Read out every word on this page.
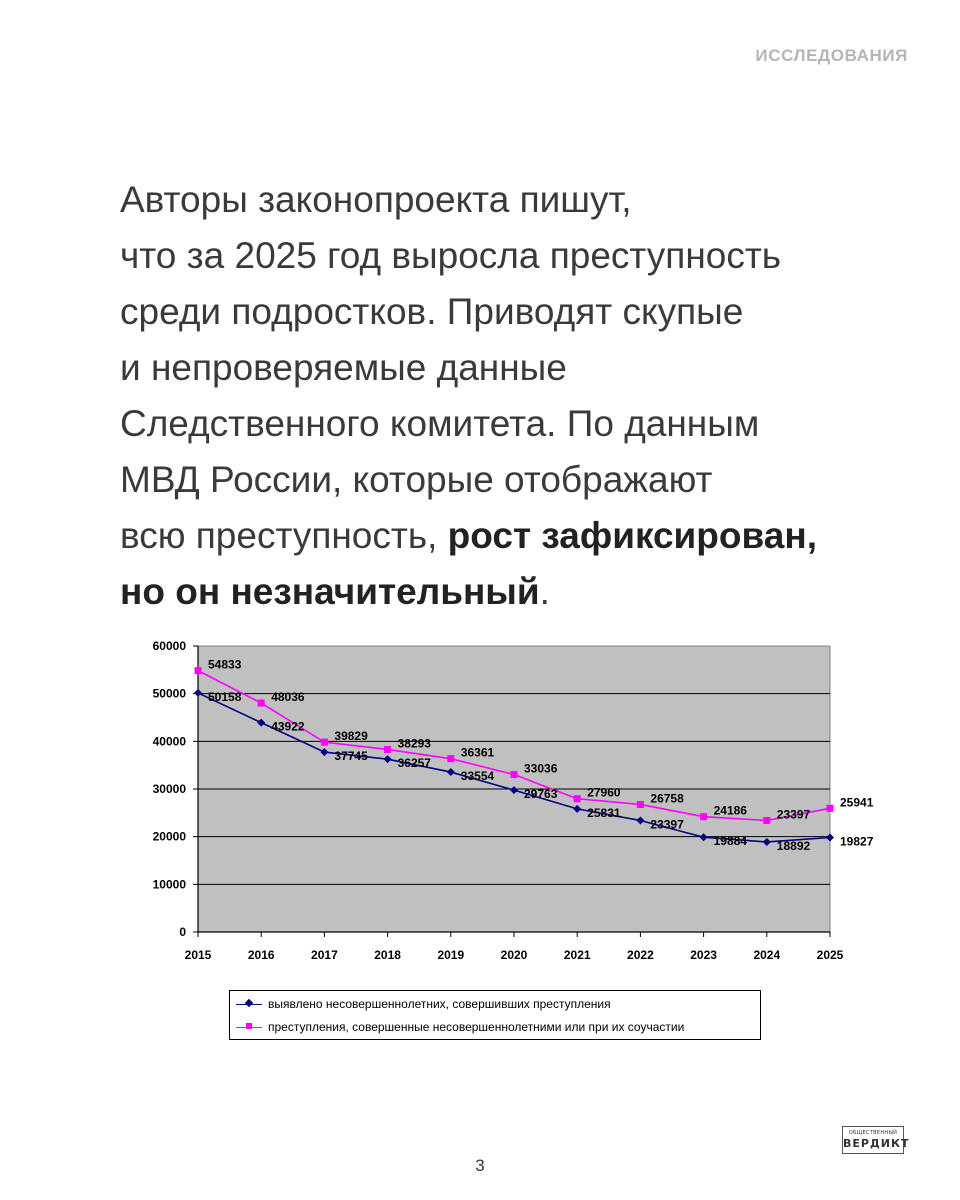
ИССЛЕДОВАНИЯ

Авторы законопроекта пишут,
что за 2025 год выросла преступность
среди подростков. Приводят скупые
и непроверяемые данные
Следственного комитета. По данным
МВД России, которые отображают
всю преступность, рост зафиксирован,
но он незначительный.

0
10000
20000
30000
40000
50000
60000
2015	2016	2017	2018	2019	2020	2021	2022	2023	2024	2025
50158
43922
37745
36257
33554
29763
25831
23397
19884 18892 19827
54833
48036
39829
38293
36361
33036
27960 26758
24186 23397
25941
выявлено несовершеннолетних, совершивших преступления
преступления, совершенные несовершеннолетними или при их соучастии
ОБЩЕСТВЕННЫЙ
ВЕРДИКТ
3
